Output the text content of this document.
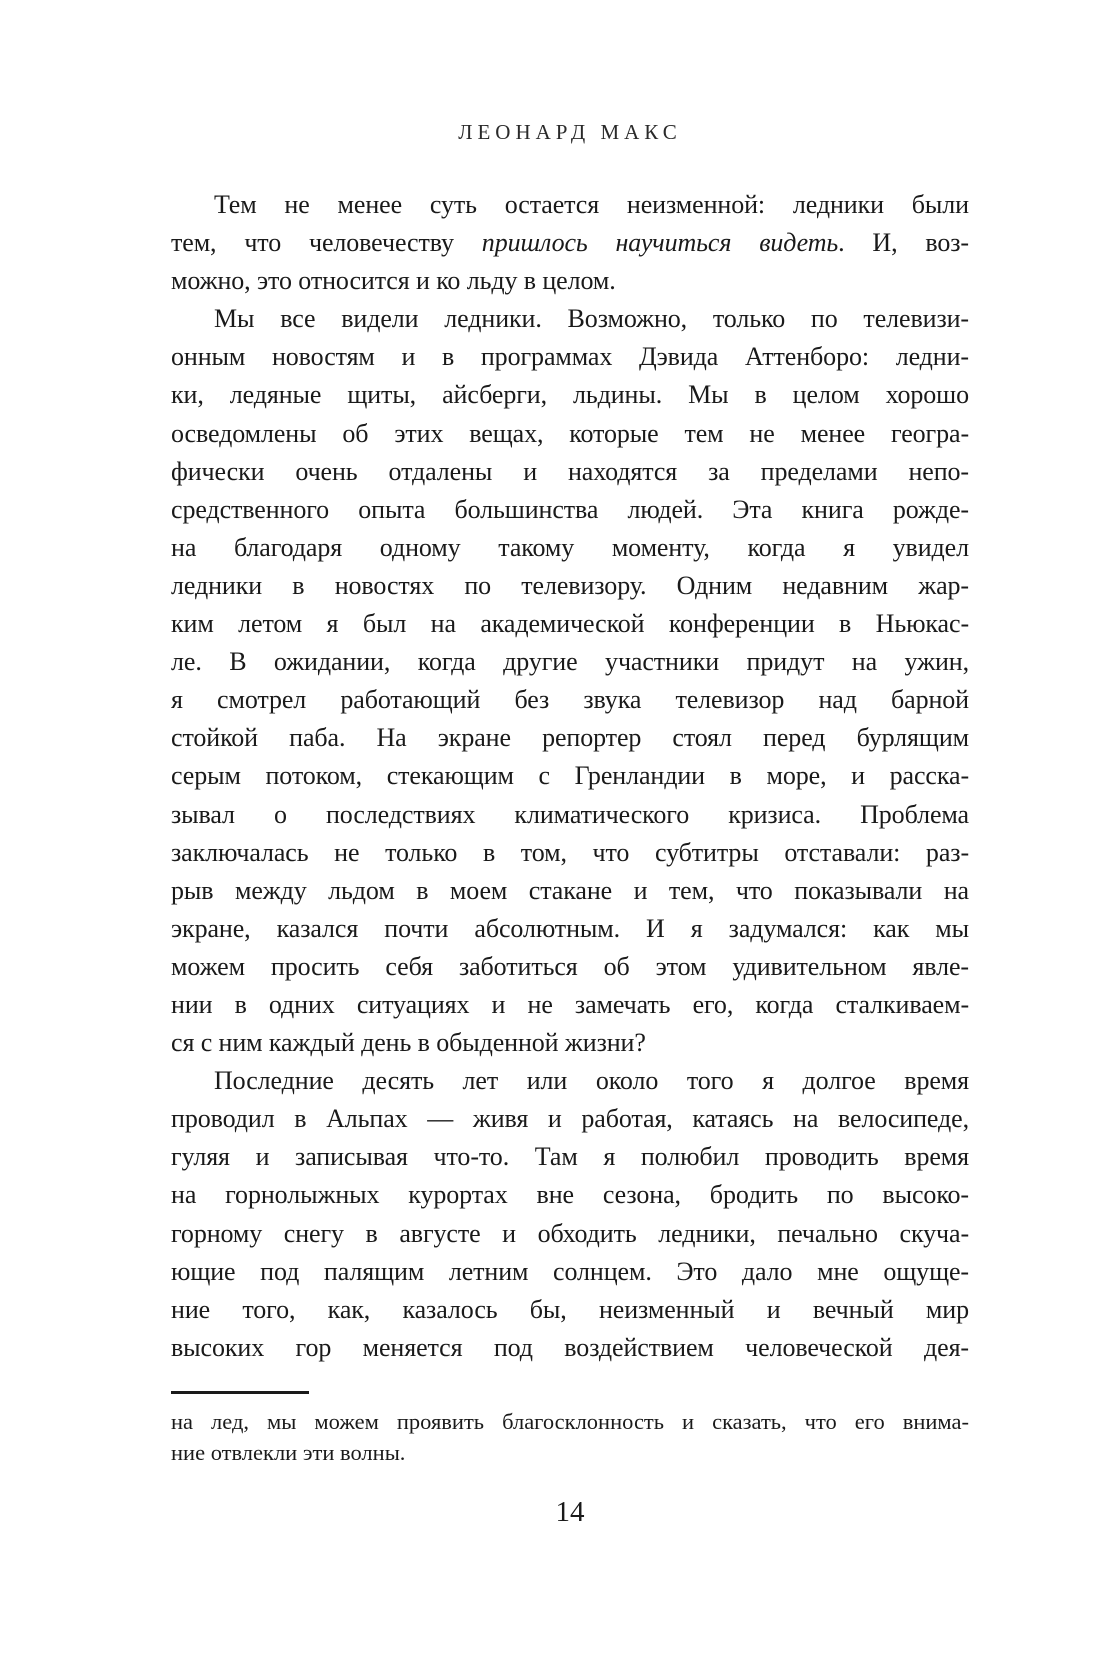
ЛЕОНАРД МАКС
Тем не менее суть остается неизменной: ледники были
тем, что человечеству пришлось научиться видеть. И, воз-
можно, это относится и ко льду в целом.
Мы все видели ледники. Возможно, только по телевизи-
онным новостям и в программах Дэвида Аттенборо: ледни-
ки, ледяные щиты, айсберги, льдины. Мы в целом хорошо
осведомлены об этих вещах, которые тем не менее геогра-
фически очень отдалены и находятся за пределами непо-
средственного опыта большинства людей. Эта книга рожде-
на благодаря одному такому моменту, когда я увидел
ледники в новостях по телевизору. Одним недавним жар-
ким летом я был на академической конференции в Ньюкас-
ле. В ожидании, когда другие участники придут на ужин,
я смотрел работающий без звука телевизор над барной
стойкой паба. На экране репортер стоял перед бурлящим
серым потоком, стекающим с Гренландии в море, и расска-
зывал о последствиях климатического кризиса. Проблема
заключалась не только в том, что субтитры отставали: раз-
рыв между льдом в моем стакане и тем, что показывали на
экране, казался почти абсолютным. И я задумался: как мы
можем просить себя заботиться об этом удивительном явле-
нии в одних ситуациях и не замечать его, когда сталкиваем-
ся с ним каждый день в обыденной жизни?
Последние десять лет или около того я долгое время
проводил в Альпах — живя и работая, катаясь на велосипеде,
гуляя и записывая что-то. Там я полюбил проводить время
на горнолыжных курортах вне сезона, бродить по высоко-
горному снегу в августе и обходить ледники, печально скуча-
ющие под палящим летним солнцем. Это дало мне ощуще-
ние того, как, казалось бы, неизменный и вечный мир
высоких гор меняется под воздействием человеческой дея-
на лед, мы можем проявить благосклонность и сказать, что его внима-
ние отвлекли эти волны.
14
